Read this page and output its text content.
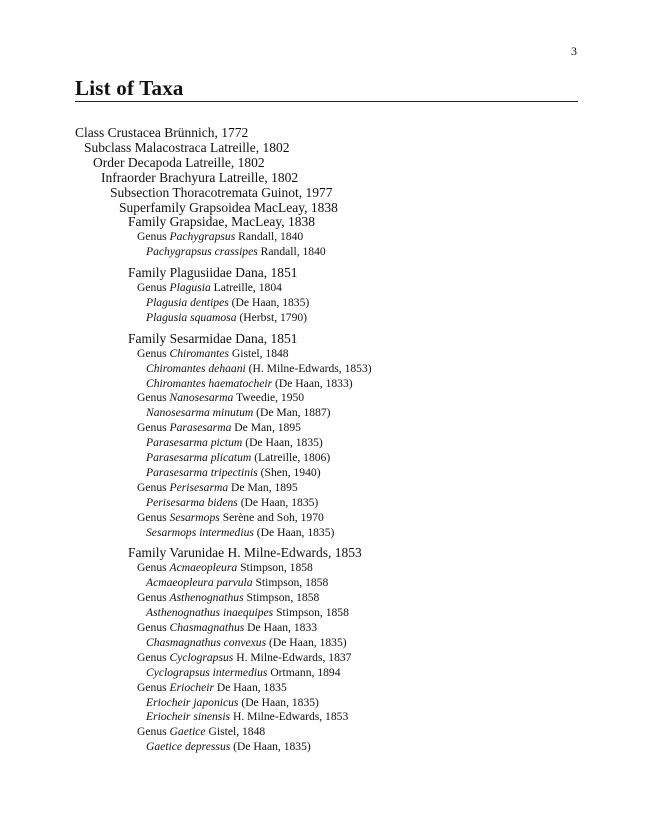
3
List of Taxa
Class Crustacea Brünnich, 1772
Subclass Malacostraca Latreille, 1802
Order Decapoda Latreille, 1802
Infraorder Brachyura Latreille, 1802
Subsection Thoracotremata Guinot, 1977
Superfamily Grapsoidea MacLeay, 1838
Family Grapsidae, MacLeay, 1838
Genus Pachygrapsus Randall, 1840
Pachygrapsus crassipes Randall, 1840
Family Plagusiidae Dana, 1851
Genus Plagusia Latreille, 1804
Plagusia dentipes (De Haan, 1835)
Plagusia squamosa (Herbst, 1790)
Family Sesarmidae Dana, 1851
Genus Chiromantes Gistel, 1848
Chiromantes dehaani (H. Milne-Edwards, 1853)
Chiromantes haematocheir (De Haan, 1833)
Genus Nanosesarma Tweedie, 1950
Nanosesarma minutum (De Man, 1887)
Genus Parasesarma De Man, 1895
Parasesarma pictum (De Haan, 1835)
Parasesarma plicatum (Latreille, 1806)
Parasesarma tripectinis (Shen, 1940)
Genus Perisesarma De Man, 1895
Perisesarma bidens (De Haan, 1835)
Genus Sesarmops Serène and Soh, 1970
Sesarmops intermedius (De Haan, 1835)
Family Varunidae H. Milne-Edwards, 1853
Genus Acmaeopleura Stimpson, 1858
Acmaeopleura parvula Stimpson, 1858
Genus Asthenognathus Stimpson, 1858
Asthenognathus inaequipes Stimpson, 1858
Genus Chasmagnathus De Haan, 1833
Chasmagnathus convexus (De Haan, 1835)
Genus Cyclograpsus H. Milne-Edwards, 1837
Cyclograpsus intermedius Ortmann, 1894
Genus Eriocheir De Haan, 1835
Eriocheir japonicus (De Haan, 1835)
Eriocheir sinensis H. Milne-Edwards, 1853
Genus Gaetice Gistel, 1848
Gaetice depressus (De Haan, 1835)
